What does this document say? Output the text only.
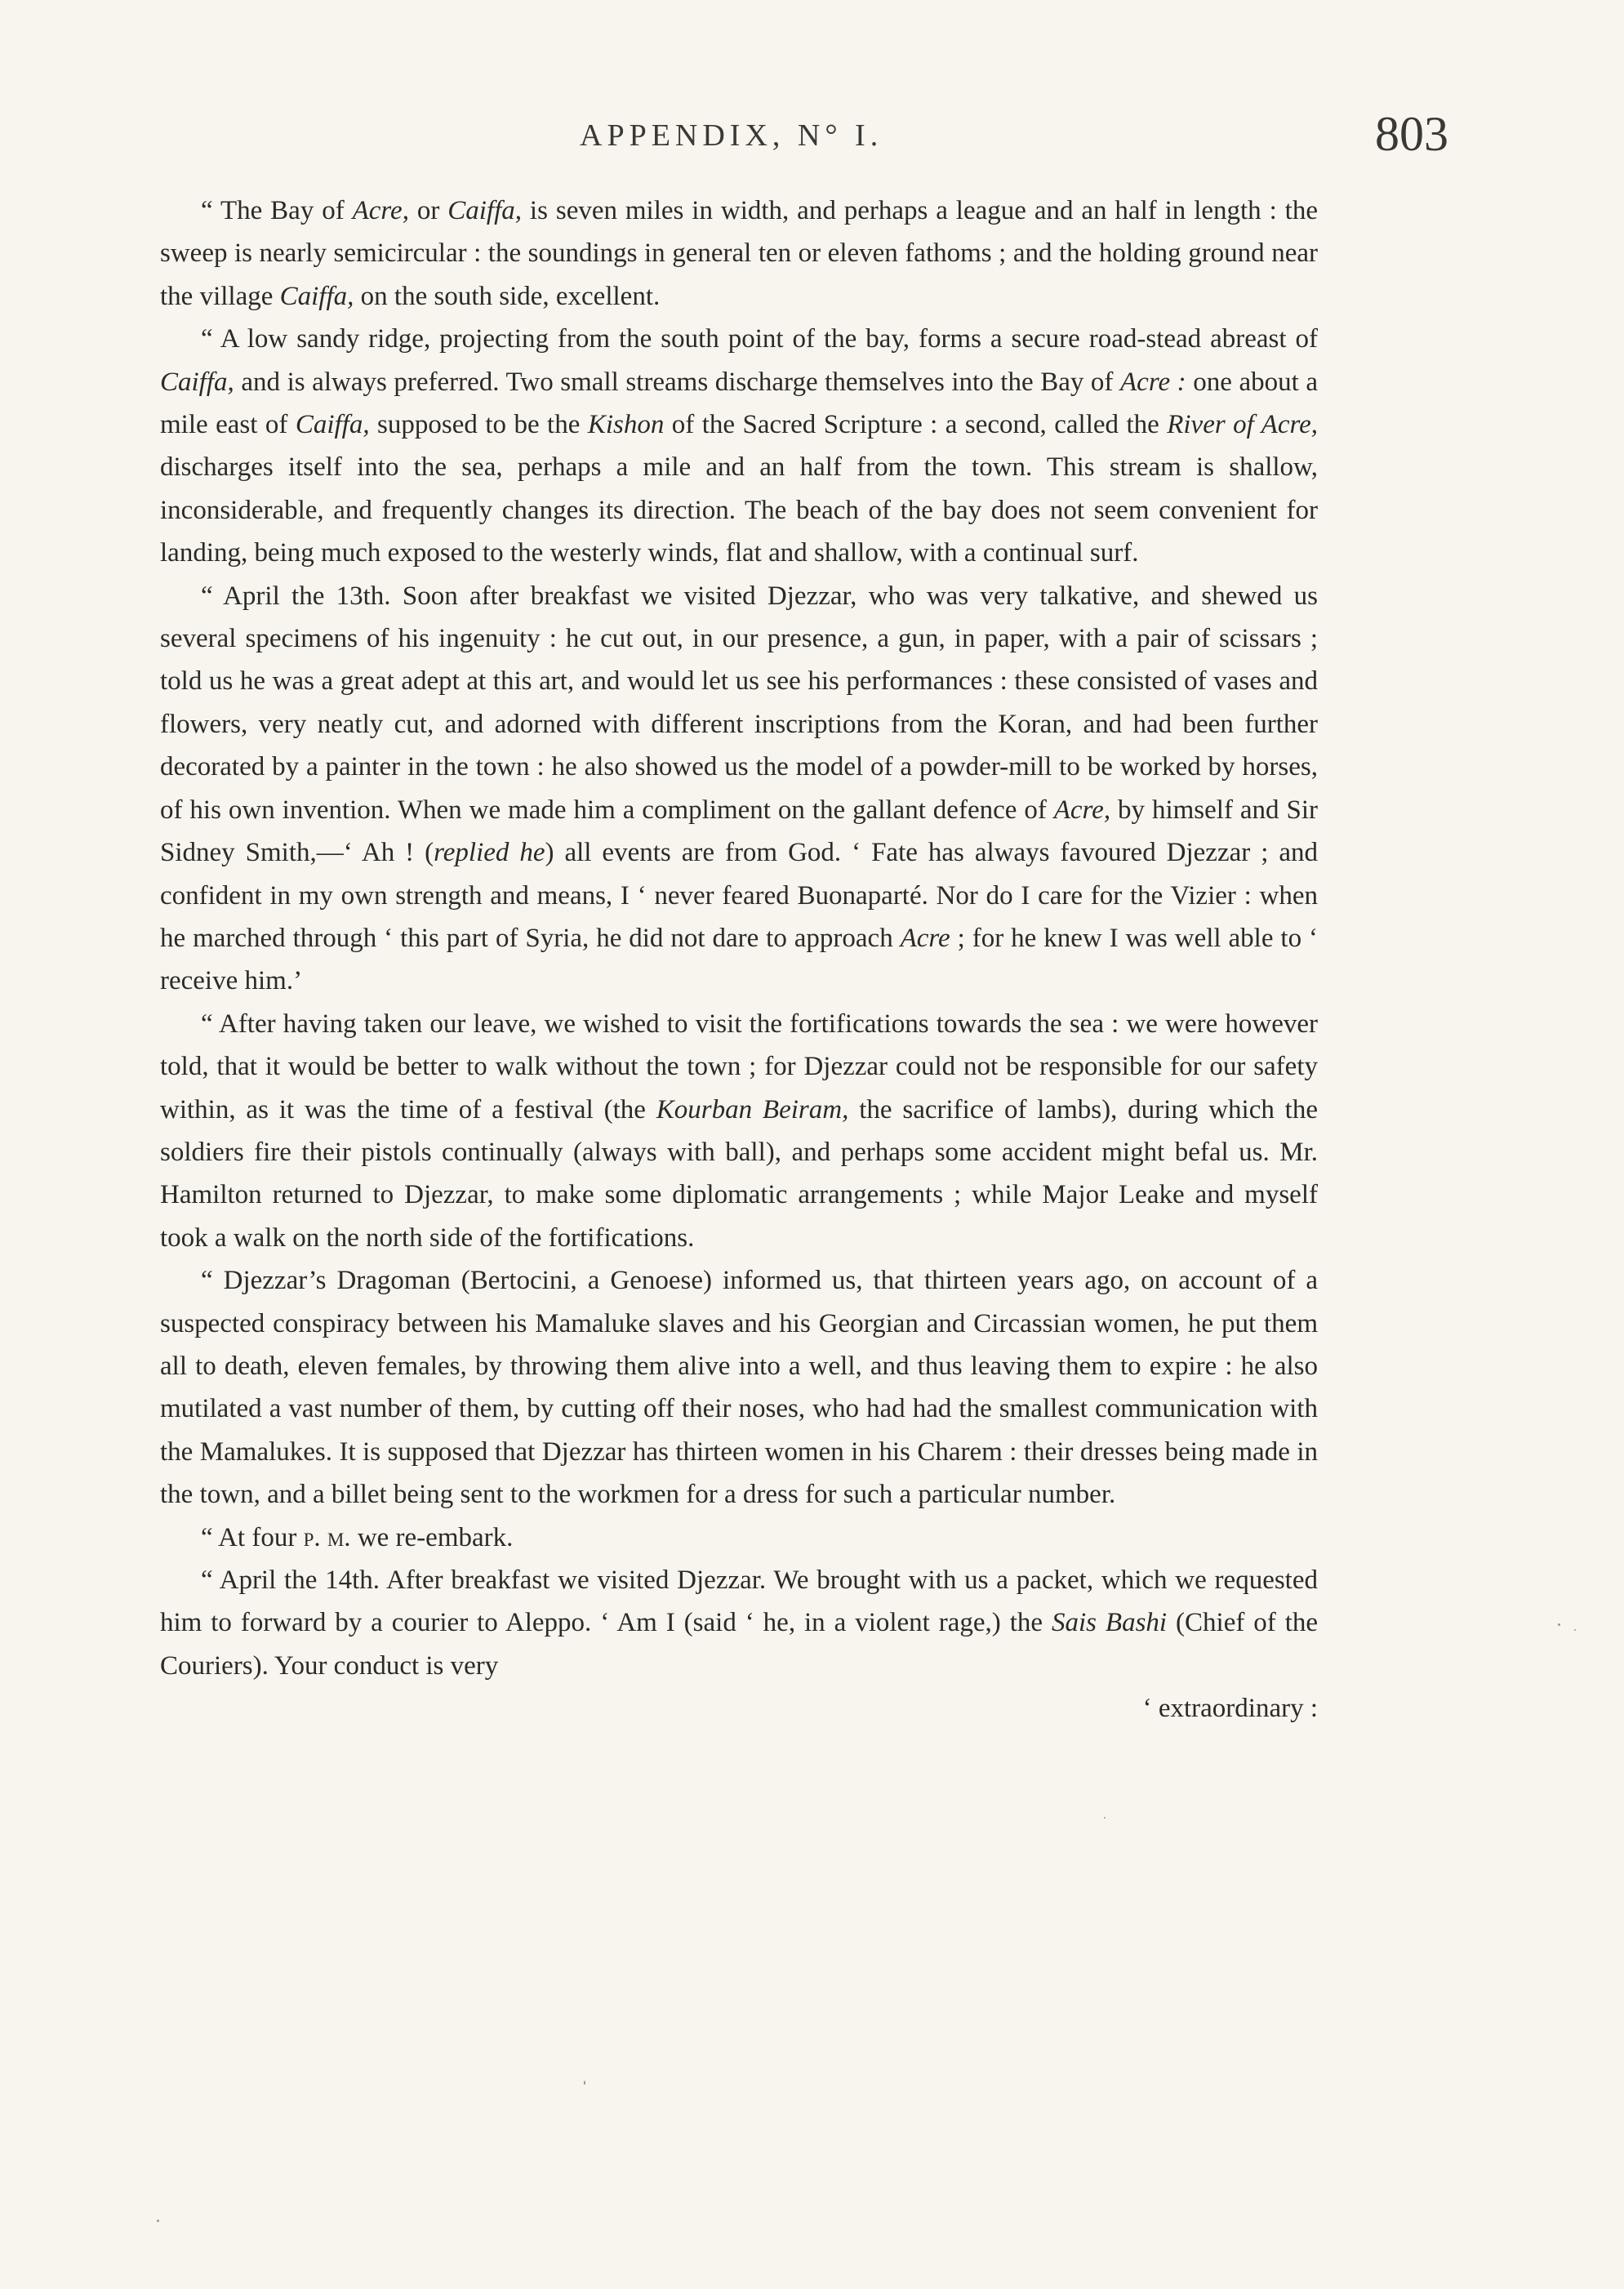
APPENDIX, N° I.	803

“ The Bay of Acre, or Caiffa, is seven miles in width, and perhaps a league and an half in length : the sweep is nearly semicircular : the soundings in general ten or eleven fathoms ; and the holding ground near the village Caiffa, on the south side, excellent.

“ A low sandy ridge, projecting from the south point of the bay, forms a secure road-stead abreast of Caiffa, and is always preferred. Two small streams discharge themselves into the Bay of Acre : one about a mile east of Caiffa, supposed to be the Kishon of the Sacred Scripture : a second, called the River of Acre, discharges itself into the sea, perhaps a mile and an half from the town. This stream is shallow, inconsiderable, and frequently changes its direction. The beach of the bay does not seem convenient for landing, being much exposed to the westerly winds, flat and shallow, with a continual surf.

“ April the 13th. Soon after breakfast we visited Djezzar, who was very talkative, and shewed us several specimens of his ingenuity : he cut out, in our presence, a gun, in paper, with a pair of scissars ; told us he was a great adept at this art, and would let us see his performances : these consisted of vases and flowers, very neatly cut, and adorned with different inscriptions from the Koran, and had been further decorated by a painter in the town : he also showed us the model of a powder-mill to be worked by horses, of his own invention. When we made him a compliment on the gallant defence of Acre, by himself and Sir Sidney Smith,—‘ Ah ! (replied he) all events are from God. ‘ Fate has always favoured Djezzar ; and confident in my own strength and means, I ‘ never feared Buonaparté. Nor do I care for the Vizier : when he marched through ‘ this part of Syria, he did not dare to approach Acre ; for he knew I was well able to ‘ receive him.’

“ After having taken our leave, we wished to visit the fortifications towards the sea : we were however told, that it would be better to walk without the town ; for Djezzar could not be responsible for our safety within, as it was the time of a festival (the Kourban Beiram, the sacrifice of lambs), during which the soldiers fire their pistols continually (always with ball), and perhaps some accident might befal us. Mr. Hamilton returned to Djezzar, to make some diplomatic arrangements ; while Major Leake and myself took a walk on the north side of the fortifications.

“ Djezzar’s Dragoman (Bertocini, a Genoese) informed us, that thirteen years ago, on account of a suspected conspiracy between his Mamaluke slaves and his Georgian and Circassian women, he put them all to death, eleven females, by throwing them alive into a well, and thus leaving them to expire : he also mutilated a vast number of them, by cutting off their noses, who had had the smallest communication with the Mamalukes. It is supposed that Djezzar has thirteen women in his Charem : their dresses being made in the town, and a billet being sent to the workmen for a dress for such a particular number.

“ At four p. m. we re-embark.

“ April the 14th. After breakfast we visited Djezzar. We brought with us a packet, which we requested him to forward by a courier to Aleppo. ‘ Am I (said ‘ he, in a violent rage,) the Sais Bashi (Chief of the Couriers). Your conduct is very

‘ extraordinary :
